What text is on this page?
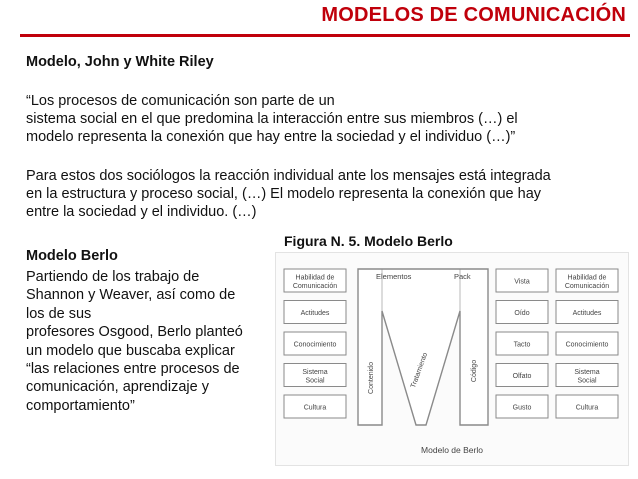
MODELOS DE COMUNICACIÓN
Modelo, John y White Riley
“Los procesos de comunicación son parte de un
sistema social en el que predomina la interacción entre sus miembros (…) el
modelo representa la conexión que hay entre la sociedad y el individuo (…)”
Para estos dos sociólogos la reacción individual ante los mensajes está integrada
en la estructura y proceso social, (…) El modelo representa la conexión que hay
entre la sociedad y el individuo. (…)
Figura N. 5. Modelo Berlo
Modelo Berlo
Partiendo de los trabajo de
Shannon y Weaver, así como de
los de sus
profesores Osgood, Berlo planteó
un modelo que buscaba explicar
“las relaciones entre procesos de
comunicación, aprendizaje y
comportamiento”
Habilidad de
Comunicación
Actitudes
Conocimiento
Sistema
Social
Cultura
Elementos	Pack
Contenido	Tratamiento	Código
Vista
Oído
Tacto
Olfato
Gusto
Habilidad de
Comunicación
Actitudes
Conocimiento
Sistema
Social
Cultura
Modelo de Berlo
